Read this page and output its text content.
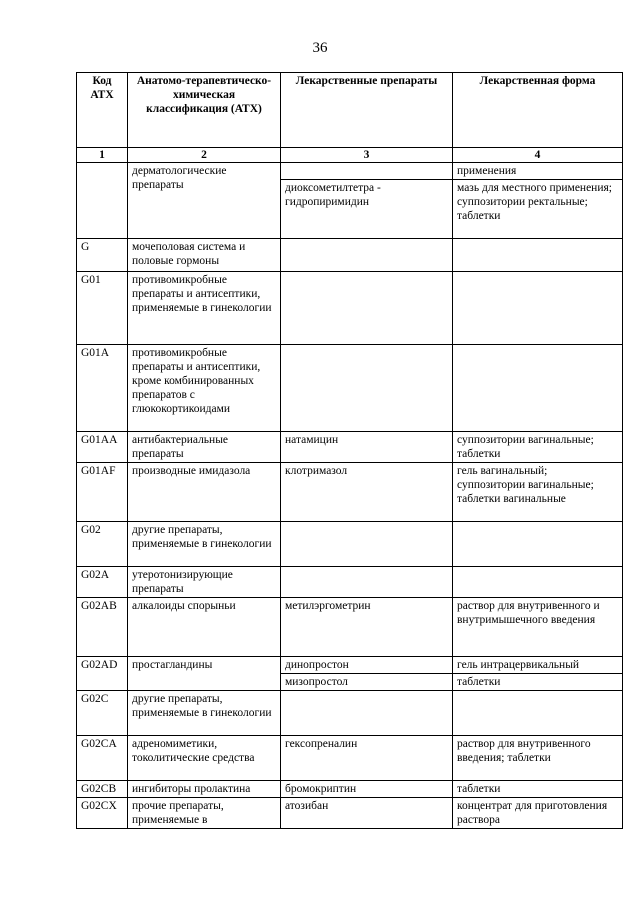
36
Код АТХ	Анатомо-терапевтическо-химическая классификация (АТХ)	Лекарственные препараты	Лекарственная форма
1	2	3	4
	дерматологические препараты		применения
		диоксометилтетра - гидропиримидин	мазь для местного применения; суппозитории ректальные; таблетки
G	мочеполовая система и половые гормоны		
G01	противомикробные препараты и антисептики, применяемые в гинекологии		
G01A	противомикробные препараты и антисептики, кроме комбинированных препаратов с глюкокортикоидами		
G01AA	антибактериальные препараты	натамицин	суппозитории вагинальные; таблетки
G01AF	производные имидазола	клотримазол	гель вагинальный; суппозитории вагинальные; таблетки вагинальные
G02	другие препараты, применяемые в гинекологии		
G02A	утеротонизирующие препараты		
G02AB	алкалоиды спорыньи	метилэргометрин	раствор для внутривенного и внутримышечного введения
G02AD	простагландины	динопростон	гель интрацервикальный
		мизопростол	таблетки
G02C	другие препараты, применяемые в гинекологии		
G02CA	адреномиметики, токолитические средства	гексопреналин	раствор для внутривенного введения; таблетки
G02CB	ингибиторы пролактина	бромокриптин	таблетки
G02CX	прочие препараты, применяемые в	атозибан	концентрат для приготовления раствора
